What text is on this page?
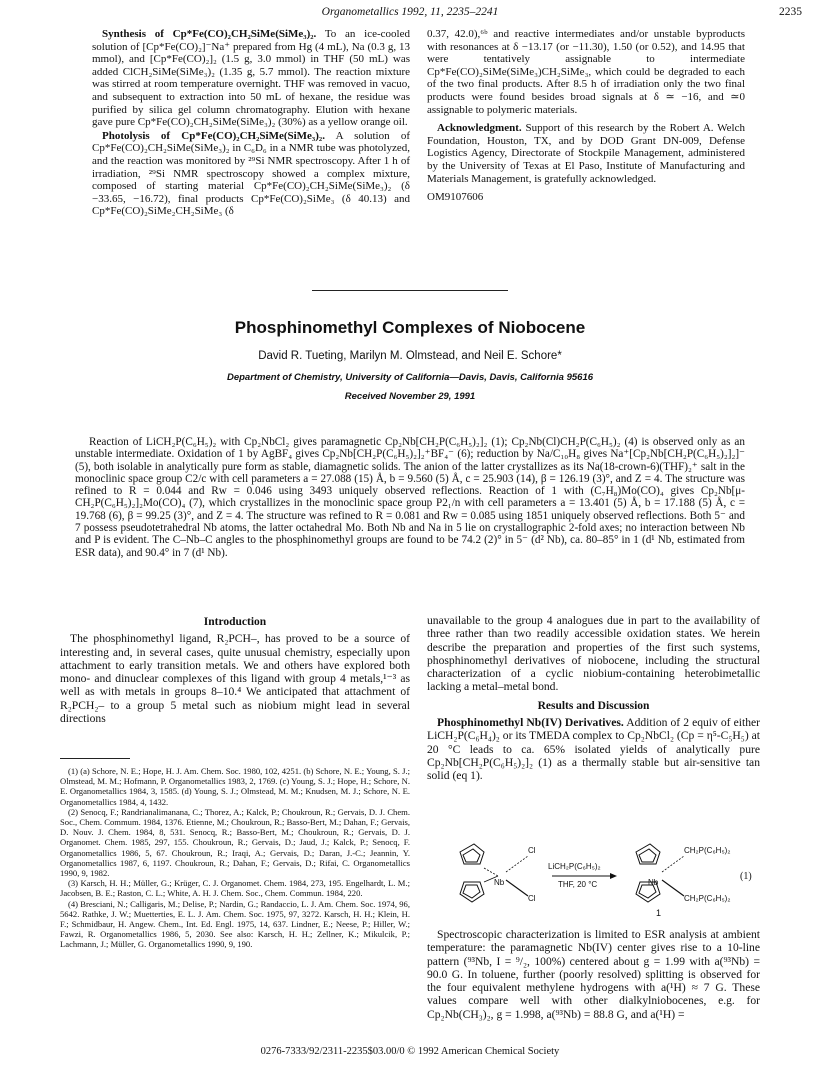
Organometallics 1992, 11, 2235–2241	2235

Synthesis of Cp*Fe(CO)₂CH₂SiMe(SiMe₃)₂. To an ice-cooled solution of [Cp*Fe(CO)₂]⁻Na⁺ prepared from Hg (4 mL), Na (0.3 g, 13 mmol), and [Cp*Fe(CO)₂]₂ (1.5 g, 3.0 mmol) in THF (50 mL) was added ClCH₂SiMe(SiMe₃)₂ (1.35 g, 5.7 mmol). The reaction mixture was stirred at room temperature overnight. THF was removed in vacuo, and subsequent to extraction into 50 mL of hexane, the residue was purified by silica gel column chromatography. Elution with hexane gave pure Cp*Fe(CO)₂CH₂SiMe(SiMe₃)₂ (30%) as a yellow orange oil.

Photolysis of Cp*Fe(CO)₂CH₂SiMe(SiMe₃)₂. A solution of Cp*Fe(CO)₂CH₂SiMe(SiMe₃)₂ in C₆D₆ in a NMR tube was photolyzed, and the reaction was monitored by ²⁹Si NMR spectroscopy. After 1 h of irradiation, ²⁹Si NMR spectroscopy showed a complex mixture, composed of starting material Cp*Fe(CO)₂CH₂SiMe(SiMe₃)₂ (δ −33.65, −16.72), final products Cp*Fe(CO)₂SiMe₃ (δ 40.13) and Cp*Fe(CO)₂SiMe₂CH₂SiMe₃ (δ

0.37, 42.0),⁶ᵇ and reactive intermediates and/or unstable byproducts with resonances at δ −13.17 (or −11.30), 1.50 (or 0.52), and 14.95 that were tentatively assignable to intermediate Cp*Fe(CO)₂SiMe(SiMe₃)CH₂SiMe₃, which could be degraded to each of the two final products. After 8.5 h of irradiation only the two final products were found besides broad signals at δ ≃ −16, and ≃0 assignable to polymeric materials.

Acknowledgment. Support of this research by the Robert A. Welch Foundation, Houston, TX, and by DOD Grant DN-009, Defense Logistics Agency, Directorate of Stockpile Management, administered by the University of Texas at El Paso, Institute of Manufacturing and Materials Management, is gratefully acknowledged.

OM9107606

Phosphinomethyl Complexes of Niobocene
David R. Tueting, Marilyn M. Olmstead, and Neil E. Schore*
Department of Chemistry, University of California—Davis, Davis, California 95616
Received November 29, 1991

Reaction of LiCH₂P(C₆H₅)₂ with Cp₂NbCl₂ gives paramagnetic Cp₂Nb[CH₂P(C₆H₅)₂]₂ (1); Cp₂Nb(Cl)CH₂P(C₆H₅)₂ (4) is observed only as an unstable intermediate. Oxidation of 1 by AgBF₄ gives Cp₂Nb[CH₂P(C₆H₅)₂]₂⁺BF₄⁻ (6); reduction by Na/C₁₀H₈ gives Na⁺[Cp₂Nb[CH₂P(C₆H₅)₂]₂]⁻ (5), both isolable in analytically pure form as stable, diamagnetic solids. The anion of the latter crystallizes as its Na(18-crown-6)(THF)₂⁺ salt in the monoclinic space group C2/c with cell parameters a = 27.088 (15) Å, b = 9.560 (5) Å, c = 25.903 (14), β = 126.19 (3)°, and Z = 4. The structure was refined to R = 0.044 and Rw = 0.046 using 3493 uniquely observed reflections. Reaction of 1 with (C₇H₈)Mo(CO)₄ gives Cp₂Nb[μ-CH₂P(C₆H₅)₂]₂Mo(CO)₄ (7), which crystallizes in the monoclinic space group P2₁/n with cell parameters a = 13.401 (5) Å, b = 17.188 (5) Å, c = 19.768 (6), β = 99.25 (3)°, and Z = 4. The structure was refined to R = 0.081 and Rw = 0.085 using 1851 uniquely observed reflections. Both 5⁻ and 7 possess pseudotetrahedral Nb atoms, the latter octahedral Mo. Both Nb and Na in 5 lie on crystallographic 2-fold axes; no interaction between Nb and P is evident. The C–Nb–C angles to the phosphinomethyl groups are found to be 74.2 (2)° in 5⁻ (d² Nb), ca. 80–85° in 1 (d¹ Nb, estimated from ESR data), and 90.4° in 7 (d¹ Nb).

Introduction

The phosphinomethyl ligand, R₂PCH–, has proved to be a source of interesting and, in several cases, quite unusual chemistry, especially upon attachment to early transition metals. We and others have explored both mono- and dinuclear complexes of this ligand with group 4 metals,¹⁻³ as well as with metals in groups 8–10.⁴ We anticipated that attachment of R₂PCH₂– to a group 5 metal such as niobium might lead in several directions

(1) (a) Schore, N. E.; Hope, H. J. Am. Chem. Soc. 1980, 102, 4251. (b) Schore, N. E.; Young, S. J.; Olmstead, M. M.; Hofmann, P. Organometallics 1983, 2, 1769. (c) Young, S. J.; Hope, H.; Schore, N. E. Organometallics 1984, 3, 1585. (d) Young, S. J.; Olmstead, M. M.; Knudsen, M. J.; Schore, N. E. Organometallics 1984, 4, 1432.

(2) Senocq, F.; Randrianalimanana, C.; Thorez, A.; Kalck, P.; Choukroun, R.; Gervais, D. J. Chem. Soc., Chem. Commum. 1984, 1376. Etienne, M.; Choukroun, R.; Basso-Bert, M.; Dahan, F.; Gervais, D. Nouv. J. Chem. 1984, 8, 531. Senocq, R.; Basso-Bert, M.; Choukroun, R.; Gervais, D. J. Organomet. Chem. 1985, 297, 155. Choukroun, R.; Gervais, D.; Jaud, J.; Kalck, P.; Senocq, F. Organometallics 1986, 5, 67. Choukroun, R.; Iraqi, A.; Gervais, D.; Daran, J.-C.; Jeannin, Y. Organometallics 1987, 6, 1197. Choukroun, R.; Dahan, F.; Gervais, D.; Rifai, C. Organometallics 1990, 9, 1982.

(3) Karsch, H. H.; Müller, G.; Krüger, C. J. Organomet. Chem. 1984, 273, 195. Engelhardt, L. M.; Jacobsen, B. E.; Raston, C. L.; White, A. H. J. Chem. Soc., Chem. Commun. 1984, 220.

(4) Bresciani, N.; Calligaris, M.; Delise, P.; Nardin, G.; Randaccio, L. J. Am. Chem. Soc. 1974, 96, 5642. Rathke, J. W.; Muetterties, E. L. J. Am. Chem. Soc. 1975, 97, 3272. Karsch, H. H.; Klein, H. F.; Schmidbaur, H. Angew. Chem., Int. Ed. Engl. 1975, 14, 637. Lindner, E.; Neese, P.; Hiller, W.; Fawzi, R. Organometallics 1986, 5, 2030. See also: Karsch, H. H.; Zellner, K.; Mikulcik, P.; Lachmann, J.; Müller, G. Organometallics 1990, 9, 190.

unavailable to the group 4 analogues due in part to the availability of three rather than two readily accessible oxidation states. We herein describe the preparation and properties of the first such systems, phosphinomethyl derivatives of niobocene, including the structural characterization of a cyclic niobium-containing heterobimetallic lacking a metal–metal bond.

Results and Discussion

Phosphinomethyl Nb(IV) Derivatives. Addition of 2 equiv of either LiCH₂P(C₆H₄)₂ or its TMEDA complex to Cp₂NbCl₂ (Cp = η⁵-C₅H₅) at 20 °C leads to ca. 65% isolated yields of analytically pure Cp₂Nb[CH₂P(C₆H₅)₂]₂ (1) as a thermally stable but air-sensitive tan solid (eq 1).

Cl
Cl
Nb
LiCH₂P(C₆H₅)₂
THF, 20 °C	Nb
CH₂P(C₆H₅)₂
CH₂P(C₆H₅)₂
(1)
1

Spectroscopic characterization is limited to ESR analysis at ambient temperature: the paramagnetic Nb(IV) center gives rise to a 10-line pattern (⁹³Nb, I = ⁹/₂, 100%) centered about g = 1.99 with a(⁹³Nb) = 90.0 G. In toluene, further (poorly resolved) splitting is observed for the four equivalent methylene hydrogens with a(¹H) ≈ 7 G. These values compare well with other dialkylniobocenes, e.g. for Cp₂Nb(CH₃)₂, g = 1.998, a(⁹³Nb) = 88.8 G, and a(¹H) =

0276-7333/92/2311-2235$03.00/0 © 1992 American Chemical Society
